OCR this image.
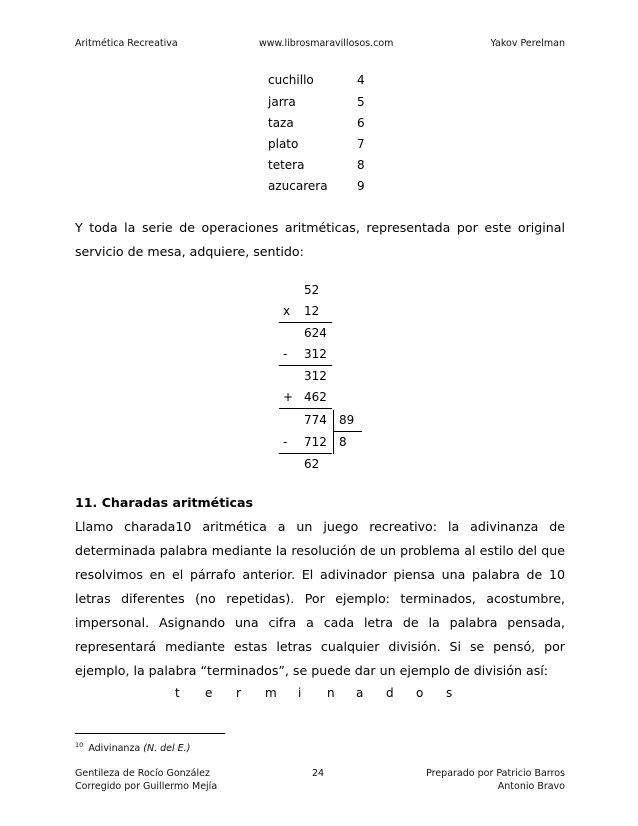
Aritmética Recreativa	www.librosmaravillosos.com	Yakov Perelman
cuchillo	4
jarra	5
taza	6
plato	7
tetera	8
azucarera 9

Y toda la serie de operaciones aritméticas, representada por este original servicio de mesa, adquiere, sentido:

52
x 12
624
- 312
312
+ 462
774 89
- 712 8
62
11. Charadas aritméticas

Llamo charada10 aritmética a un juego recreativo: la adivinanza de determinada palabra mediante la resolución de un problema al estilo del que resolvimos en el párrafo anterior. El adivinador piensa una palabra de 10 letras diferentes (no repetidas). Por ejemplo: terminados, acostumbre, impersonal. Asignando una cifra a cada letra de la palabra pensada, representará mediante estas letras cualquier división. Si se pensó, por ejemplo, la palabra “terminados”, se puede dar un ejemplo de división así:

t e r m i n a d o s
$^{10}$ Adivinanza (N. del E.)
Gentileza de Rocío González
Corregido por Guillermo Mejía
24	Preparado por Patricio Barros
Antonio Bravo
